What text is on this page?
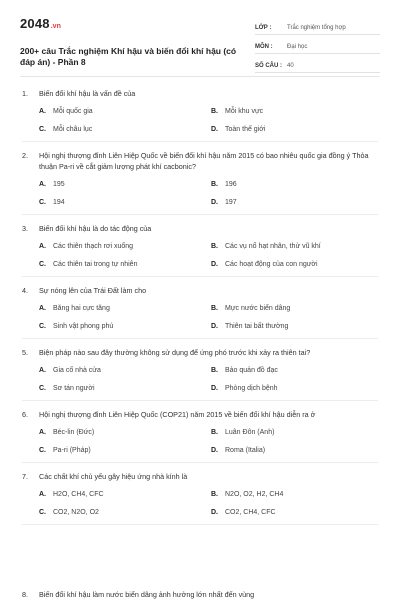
2048 .vn
200+ câu Trắc nghiệm Khí hậu và biến đổi khí hậu (có đáp án) - Phần 8
LỚP :	Trắc nghiệm tổng hợp
MÔN :	Đại học
SỐ CÂU : 40
1.	Biến đổi khí hậu là vấn đề của
A.	Mỗi quốc gia	B.	Mỗi khu vực
C.	Mỗi châu lục	D.	Toàn thế giới
2.	Hội nghị thượng đỉnh Liên Hiệp Quốc về biến đổi khí hậu năm 2015 có bao nhiêu quốc gia đồng ý Thỏa thuận Pa-ri về cắt giảm lượng phát khí cacbonic?
A.	195	B.	196
C.	194	D.	197
3.	Biến đổi khí hậu là do tác động của
A.	Các thiên thạch rơi xuống	B.	Các vụ nổ hạt nhân, thử vũ khí
C.	Các thiên tai trong tự nhiên	D.	Các hoạt động của con người
4.	Sự nóng lên của Trái Đất làm cho
A.	Băng hai cực tăng	B.	Mực nước biển dâng
C.	Sinh vật phong phú	D.	Thiên tai bất thường
5.	Biện pháp nào sau đây thường không sử dụng để ứng phó trước khi xảy ra thiên tai?
A.	Gia cố nhà cửa	B.	Bảo quản đồ đạc
C.	Sơ tán người	D.	Phòng dịch bệnh
6.	Hội nghị thượng đỉnh Liên Hiệp Quốc (COP21) năm 2015 về biến đổi khí hậu diễn ra ở
A.	Béc-lin (Đức)	B.	Luân Đôn (Anh)
C.	Pa-ri (Pháp)	D.	Roma (Italia)
7.	Các chất khí chủ yếu gây hiệu ứng nhà kính là
A.	H2O, CH4, CFC	B.	N2O, O2, H2, CH4
C.	CO2, N2O, O2	D.	CO2, CH4, CFC
8.	Biến đổi khí hậu làm nước biển dâng ảnh hưởng lớn nhất đến vùng
